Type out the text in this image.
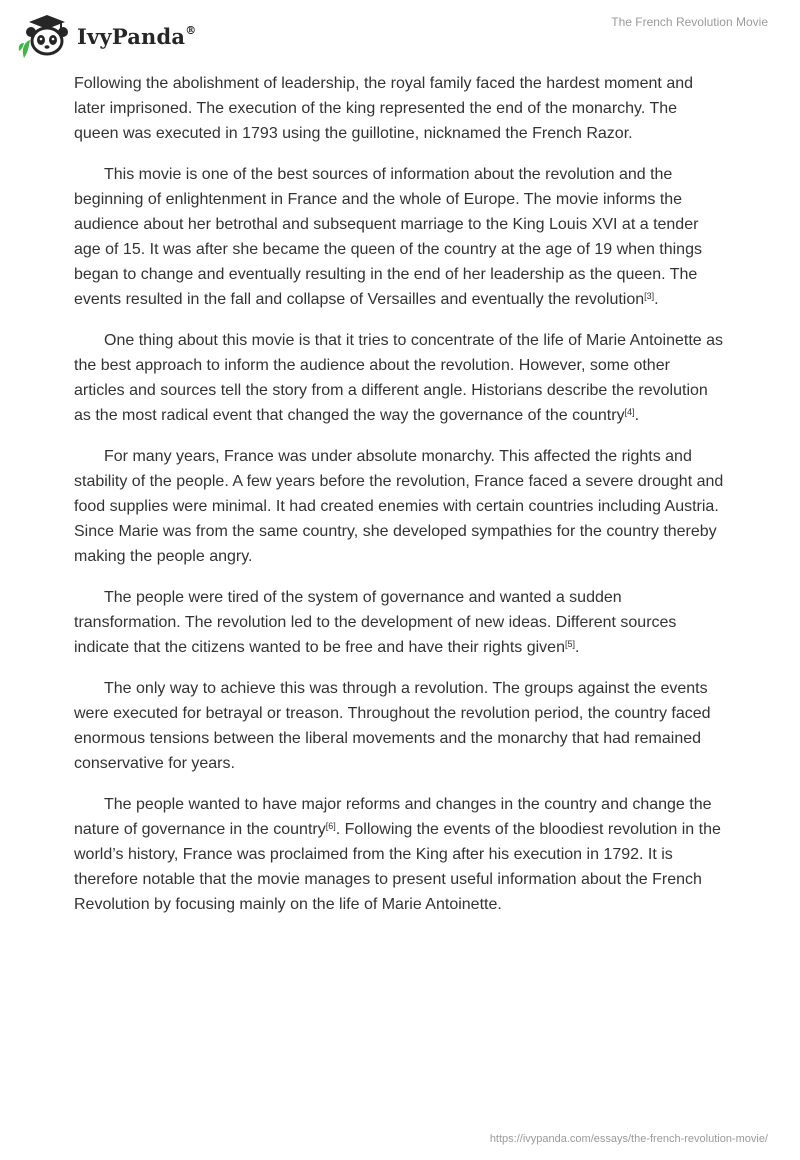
IvyPanda®
The French Revolution Movie

Following the abolishment of leadership, the royal family faced the hardest moment and later imprisoned. The execution of the king represented the end of the monarchy. The queen was executed in 1793 using the guillotine, nicknamed the French Razor.

This movie is one of the best sources of information about the revolution and the beginning of enlightenment in France and the whole of Europe. The movie informs the audience about her betrothal and subsequent marriage to the King Louis XVI at a tender age of 15. It was after she became the queen of the country at the age of 19 when things began to change and eventually resulting in the end of her leadership as the queen. The events resulted in the fall and collapse of Versailles and eventually the revolution[3].

One thing about this movie is that it tries to concentrate of the life of Marie Antoinette as the best approach to inform the audience about the revolution. However, some other articles and sources tell the story from a different angle. Historians describe the revolution as the most radical event that changed the way the governance of the country[4].

For many years, France was under absolute monarchy. This affected the rights and stability of the people. A few years before the revolution, France faced a severe drought and food supplies were minimal. It had created enemies with certain countries including Austria. Since Marie was from the same country, she developed sympathies for the country thereby making the people angry.

The people were tired of the system of governance and wanted a sudden transformation. The revolution led to the development of new ideas. Different sources indicate that the citizens wanted to be free and have their rights given[5].

The only way to achieve this was through a revolution. The groups against the events were executed for betrayal or treason. Throughout the revolution period, the country faced enormous tensions between the liberal movements and the monarchy that had remained conservative for years.

The people wanted to have major reforms and changes in the country and change the nature of governance in the country[6]. Following the events of the bloodiest revolution in the world’s history, France was proclaimed from the King after his execution in 1792. It is therefore notable that the movie manages to present useful information about the French Revolution by focusing mainly on the life of Marie Antoinette.

https://ivypanda.com/essays/the-french-revolution-movie/
